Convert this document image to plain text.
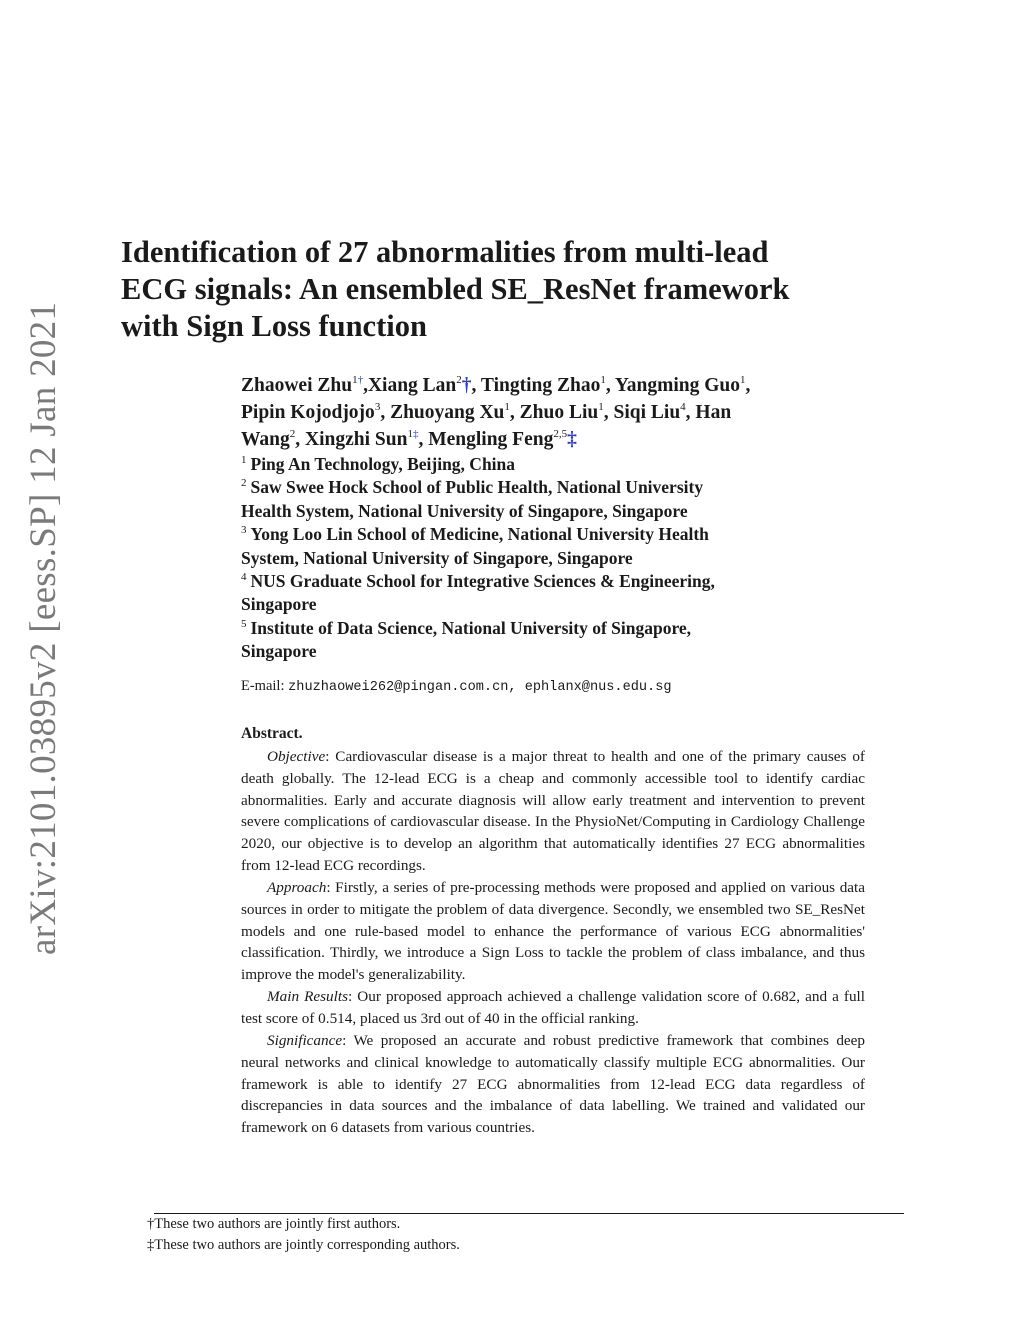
arXiv:2101.03895v2 [eess.SP] 12 Jan 2021
Identification of 27 abnormalities from multi-lead
ECG signals: An ensembled SE_ResNet framework
with Sign Loss function
Zhaowei Zhu$^{1\dagger}$,Xiang Lan$^2$†, Tingting Zhao$^1$, Yangming Guo$^1$,
Pipin Kojodjojo$^3$, Zhuoyang Xu$^1$, Zhuo Liu$^1$, Siqi Liu$^4$, Han
Wang$^2$, Xingzhi Sun$^{1\ddagger}$, Mengling Feng$^{2,5}$‡
$^1$ Ping An Technology, Beijing, China
$^2$ Saw Swee Hock School of Public Health, National University
Health System, National University of Singapore, Singapore
$^3$ Yong Loo Lin School of Medicine, National University Health
System, National University of Singapore, Singapore
$^4$ NUS Graduate School for Integrative Sciences & Engineering,
Singapore
$^5$ Institute of Data Science, National University of Singapore,
Singapore
E-mail: zhuzhaowei262@pingan.com.cn, ephlanx@nus.edu.sg
Abstract.

Objective: Cardiovascular disease is a major threat to health and one of the primary causes of death globally. The 12-lead ECG is a cheap and commonly accessible tool to identify cardiac abnormalities. Early and accurate diagnosis will allow early treatment and intervention to prevent severe complications of cardiovascular disease. In the PhysioNet/Computing in Cardiology Challenge 2020, our objective is to develop an algorithm that automatically identifies 27 ECG abnormalities from 12-lead ECG recordings.

Approach: Firstly, a series of pre-processing methods were proposed and applied on various data sources in order to mitigate the problem of data divergence. Secondly, we ensembled two SE_ResNet models and one rule-based model to enhance the performance of various ECG abnormalities' classification. Thirdly, we introduce a Sign Loss to tackle the problem of class imbalance, and thus improve the model's generalizability.

Main Results: Our proposed approach achieved a challenge validation score of 0.682, and a full test score of 0.514, placed us 3rd out of 40 in the official ranking.

Significance: We proposed an accurate and robust predictive framework that combines deep neural networks and clinical knowledge to automatically classify multiple ECG abnormalities. Our framework is able to identify 27 ECG abnormalities from 12-lead ECG data regardless of discrepancies in data sources and the imbalance of data labelling. We trained and validated our framework on 6 datasets from various countries.

†These two authors are jointly first authors.
‡These two authors are jointly corresponding authors.
